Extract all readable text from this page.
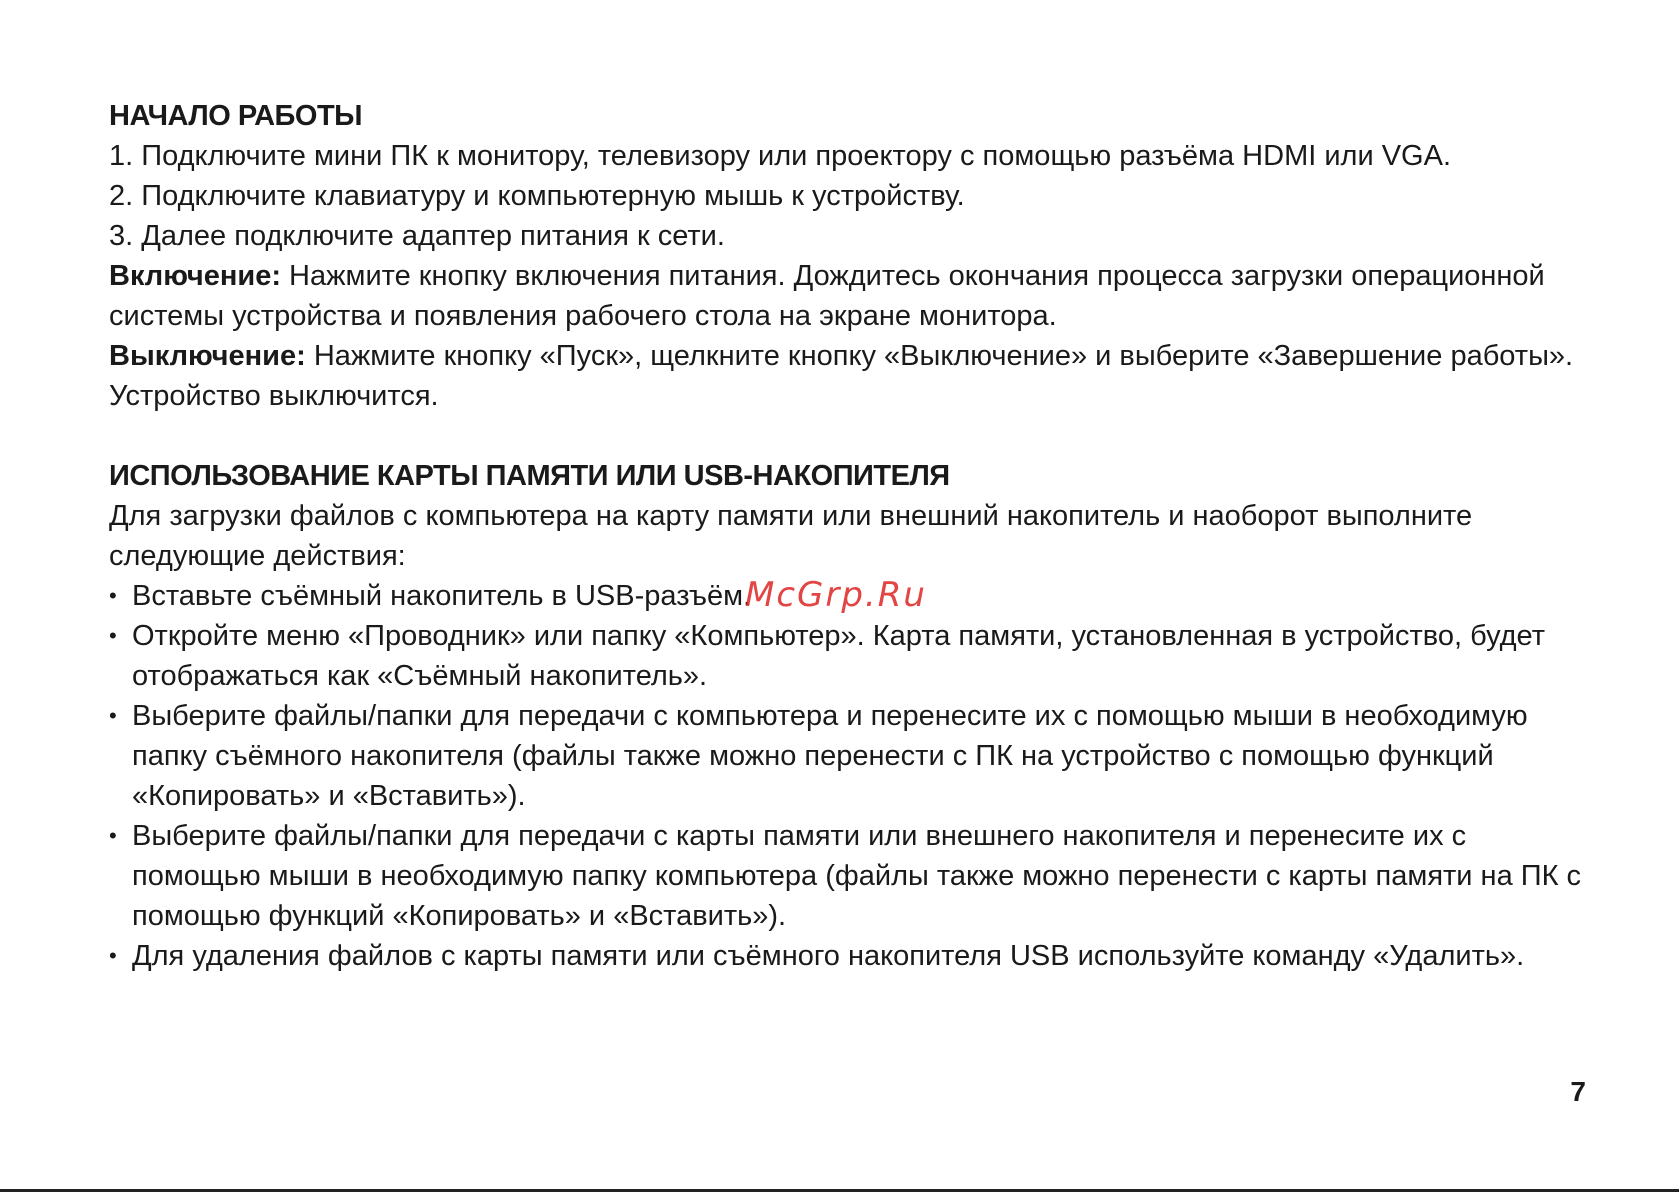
НАЧАЛО РАБОТЫ

1. Подключите мини ПК к монитору, телевизору или проектору с помощью разъёма HDMI или VGA.

2. Подключите клавиатуру и компьютерную мышь к устройству.

3. Далее подключите адаптер питания к сети.

Включение: Нажмите кнопку включения питания. Дождитесь окончания процесса загрузки операционной системы устройства и появления рабочего стола на экране монитора.

Выключение: Нажмите кнопку «Пуск», щелкните кнопку «Выключение» и выберите «Завершение работы». Устройство выключится.

ИСПОЛЬЗОВАНИЕ КАРТЫ ПАМЯТИ ИЛИ USB-НАКОПИТЕЛЯ

Для загрузки файлов с компьютера на карту памяти или внешний накопитель и наоборот выполните следующие действия:

• Вставьте съёмный накопитель в USB-разъём.
• Откройте меню «Проводник» или папку «Компьютер». Карта памяти, установленная в устройство, будет отображаться как «Съёмный накопитель».
• Выберите файлы/папки для передачи с компьютера и перенесите их с помощью мыши в необходимую папку съёмного накопителя (файлы также можно перенести с ПК на устройство с помощью функций «Копировать» и «Вставить»).
• Выберите файлы/папки для передачи с карты памяти или внешнего накопителя и перенесите их с помощью мыши в необходимую папку компьютера (файлы также можно перенести с карты памяти на ПК с помощью функций «Копировать» и «Вставить»).
• Для удаления файлов с карты памяти или съёмного накопителя USB используйте команду «Удалить».
McGrp.Ru
7
